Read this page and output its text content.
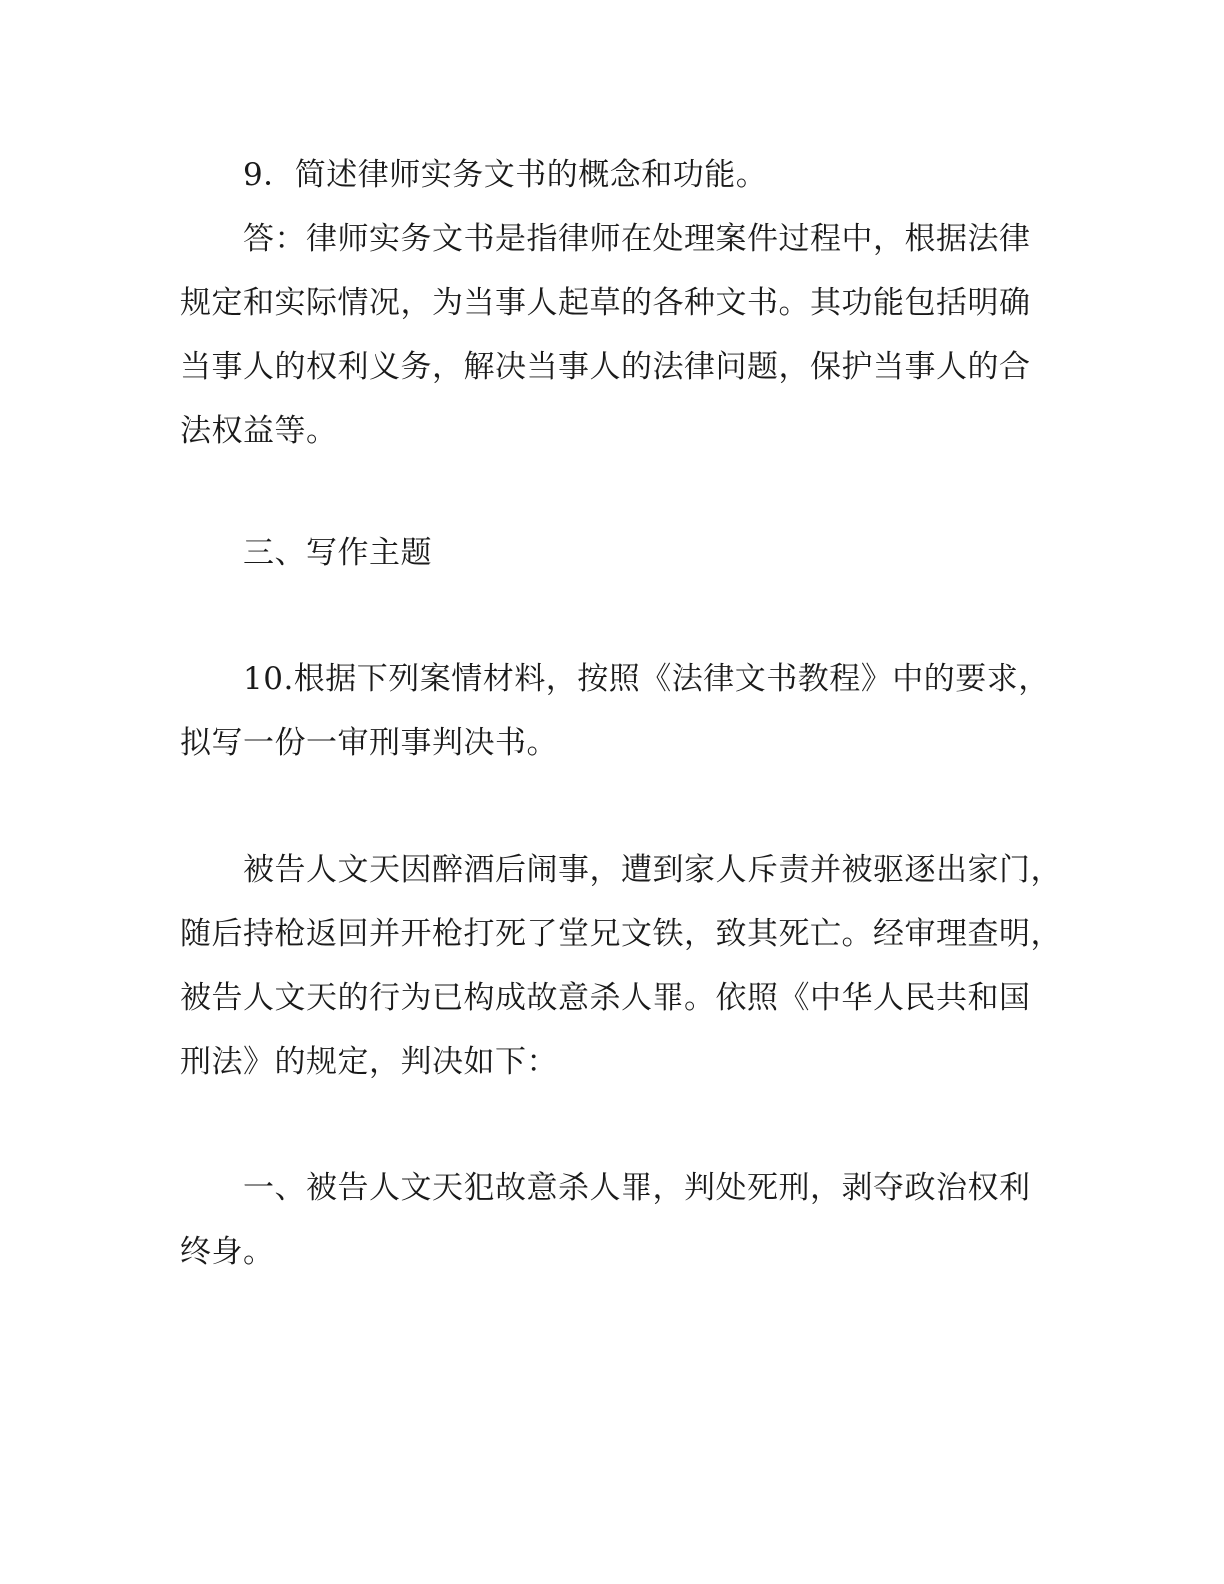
9．简述律师实务文书的概念和功能。
答：律师实务文书是指律师在处理案件过程中，根据法律
规定和实际情况，为当事人起草的各种文书。其功能包括明确
当事人的权利义务，解决当事人的法律问题，保护当事人的合
法权益等。
三、写作主题
10.根据下列案情材料，按照《法律文书教程》中的要求，
拟写一份一审刑事判决书。
被告人文天因醉酒后闹事，遭到家人斥责并被驱逐出家门，
随后持枪返回并开枪打死了堂兄文铁，致其死亡。经审理查明，
被告人文天的行为已构成故意杀人罪。依照《中华人民共和国
刑法》的规定，判决如下：
一、被告人文天犯故意杀人罪，判处死刑，剥夺政治权利
终身。
